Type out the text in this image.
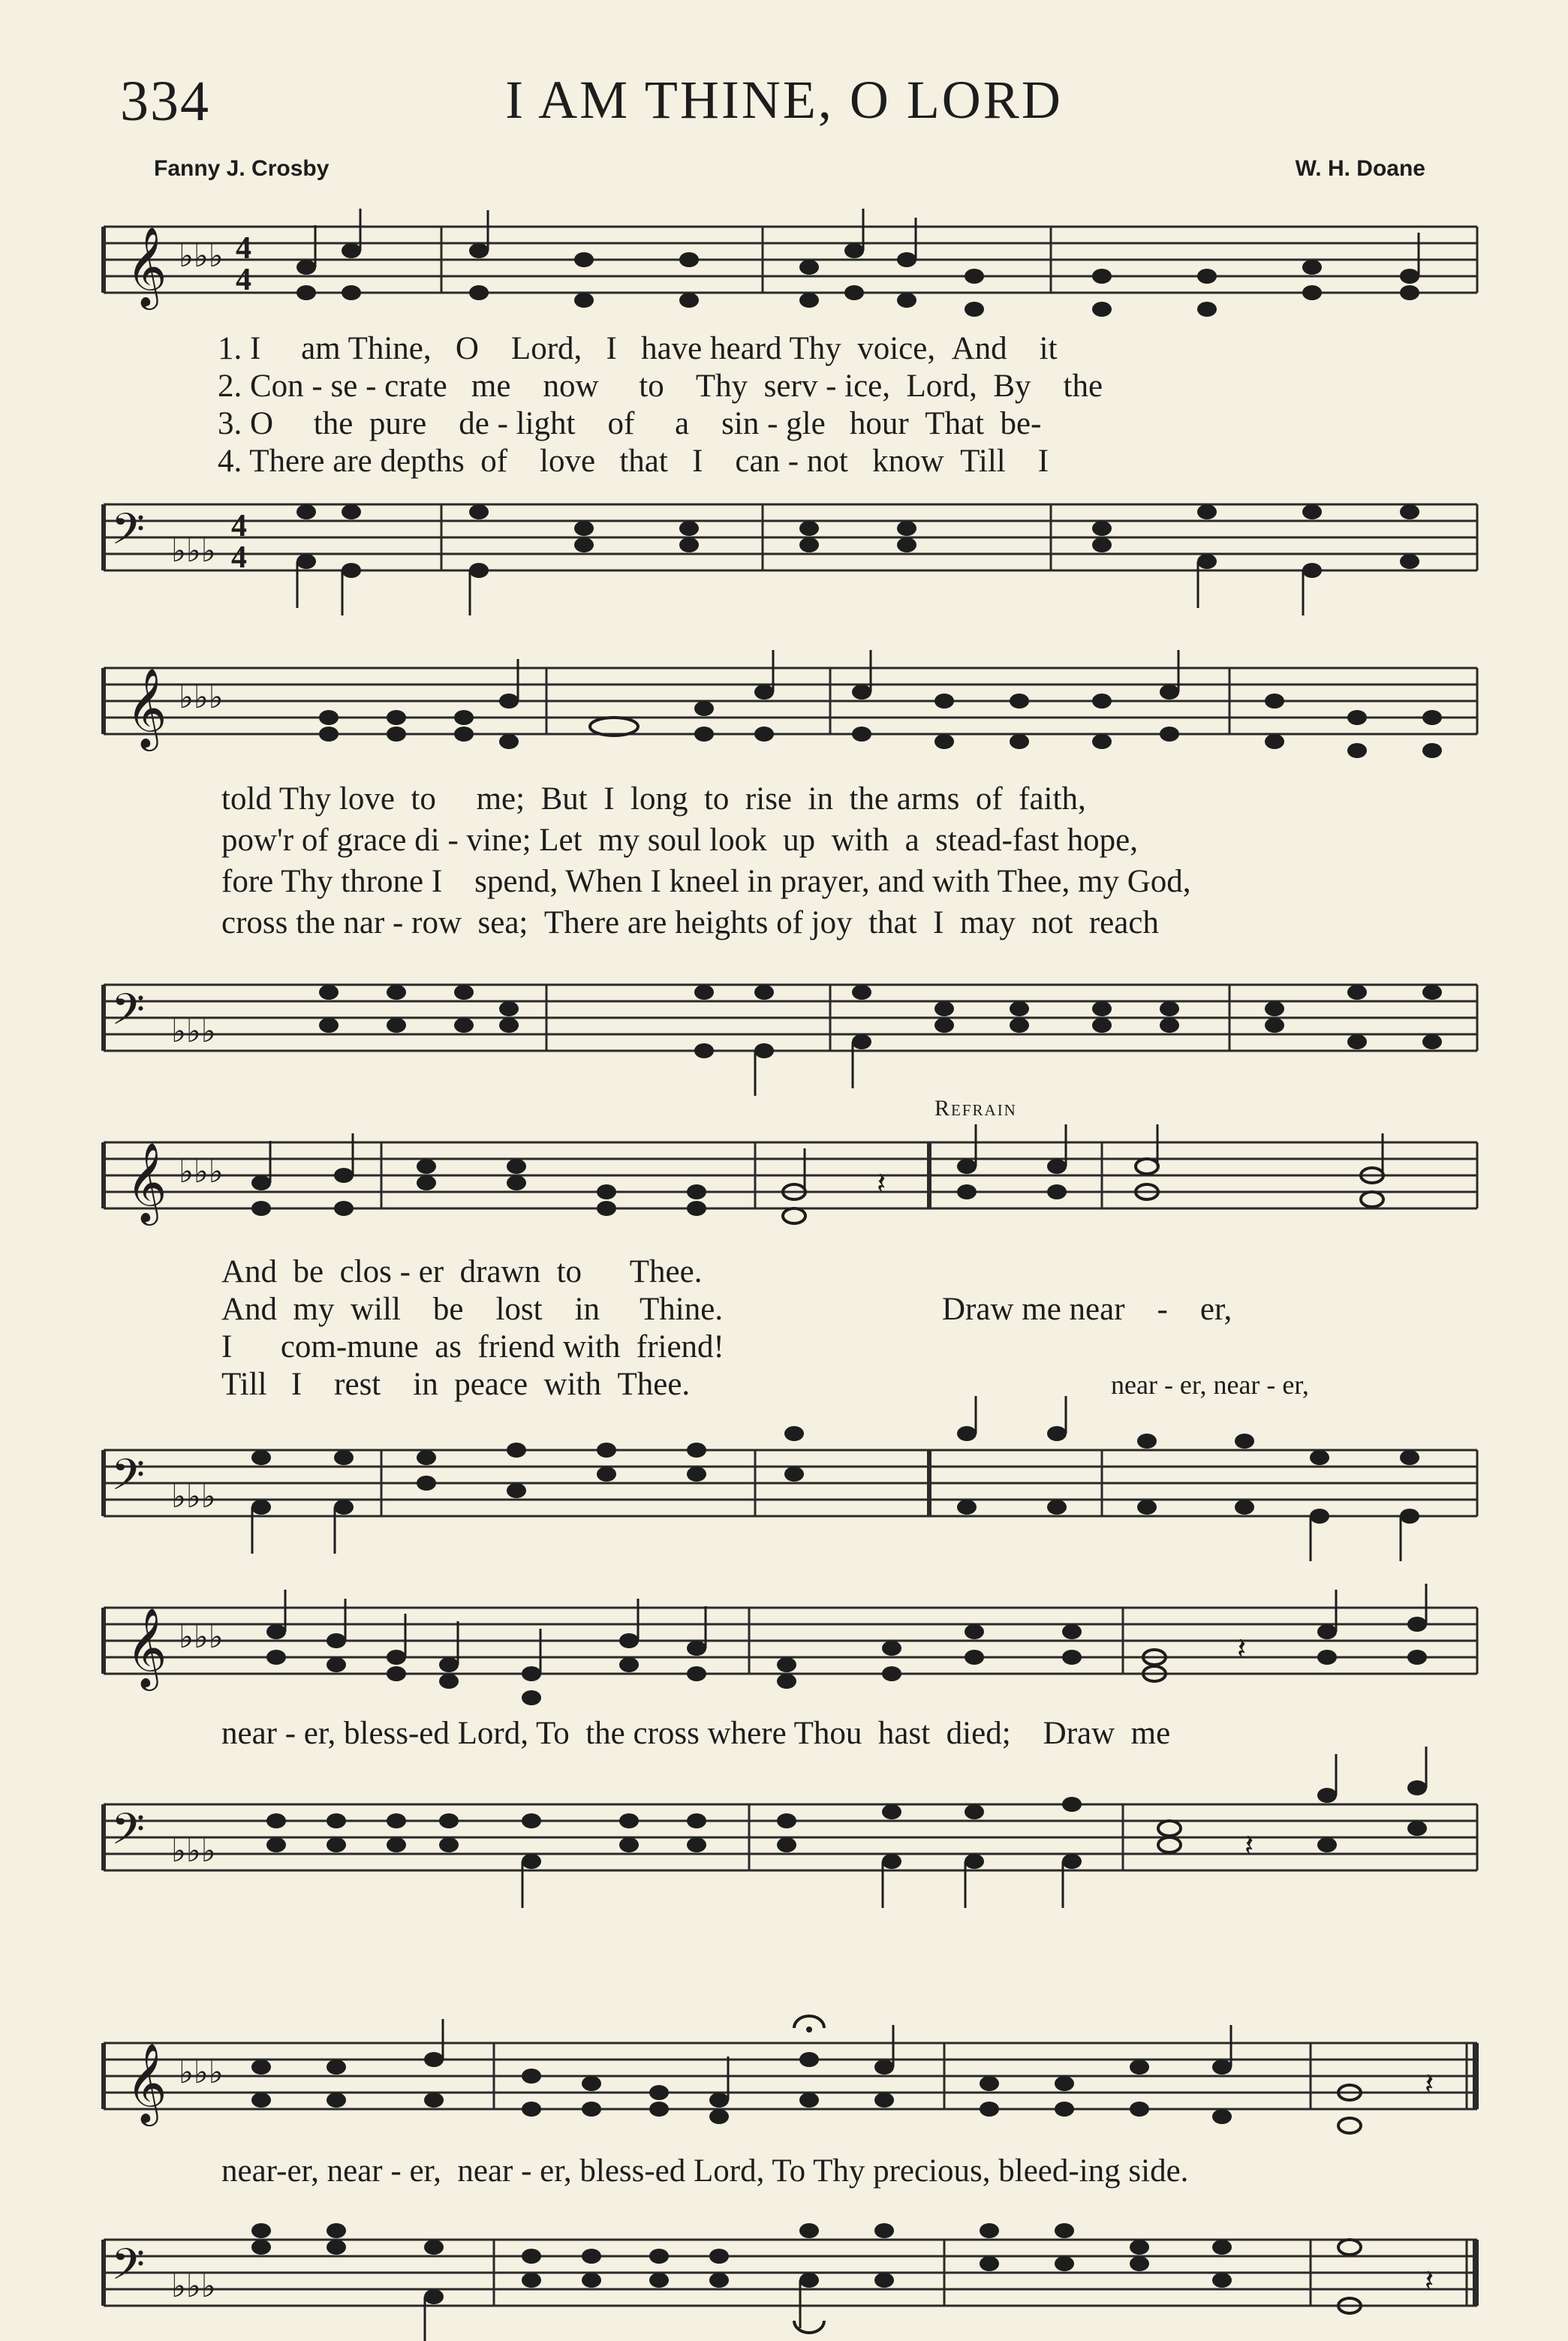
334	I AM THINE, O LORD
Fanny J. Crosby	W. H. Doane
𝄞 ♭♭♭ 4
4
1. I     am Thine,   O    Lord,   I   have heard Thy  voice,  And    it
2. Con - se - crate   me    now     to    Thy  serv - ice,  Lord,  By    the
3. O     the  pure    de - light    of     a    sin - gle   hour  That  be-
4. There are depths  of    love   that   I    can - not   know  Till    I
𝄢 ♭♭♭
4
4
𝄞 ♭♭♭
told Thy love  to     me;  But  I  long  to  rise  in  the arms  of  faith,
pow'r of grace di - vine; Let  my soul look  up  with  a  stead-fast hope,
fore Thy throne I    spend, When I kneel in prayer, and with Thee, my God,
cross the nar - row  sea;  There are heights of joy  that  I  may  not  reach
𝄢 ♭♭♭
Refrain
𝄞 ♭♭♭	𝄽
And  be  clos - er  drawn  to      Thee.
And  my  will    be    lost    in     Thine.
I      com-mune  as  friend with  friend!
Till   I    rest    in  peace  with  Thee.
Draw me near    -    er,
near - er, near - er,
𝄢 ♭♭♭
𝄞 ♭♭♭	𝄽
near - er, bless-ed Lord, To  the cross where Thou  hast  died;    Draw  me
𝄢 ♭♭♭	𝄽
𝄞 ♭♭♭	𝄽
near-er, near - er,  near - er, bless-ed Lord, To Thy precious, bleed-ing side.
𝄢 ♭♭♭	𝄽
